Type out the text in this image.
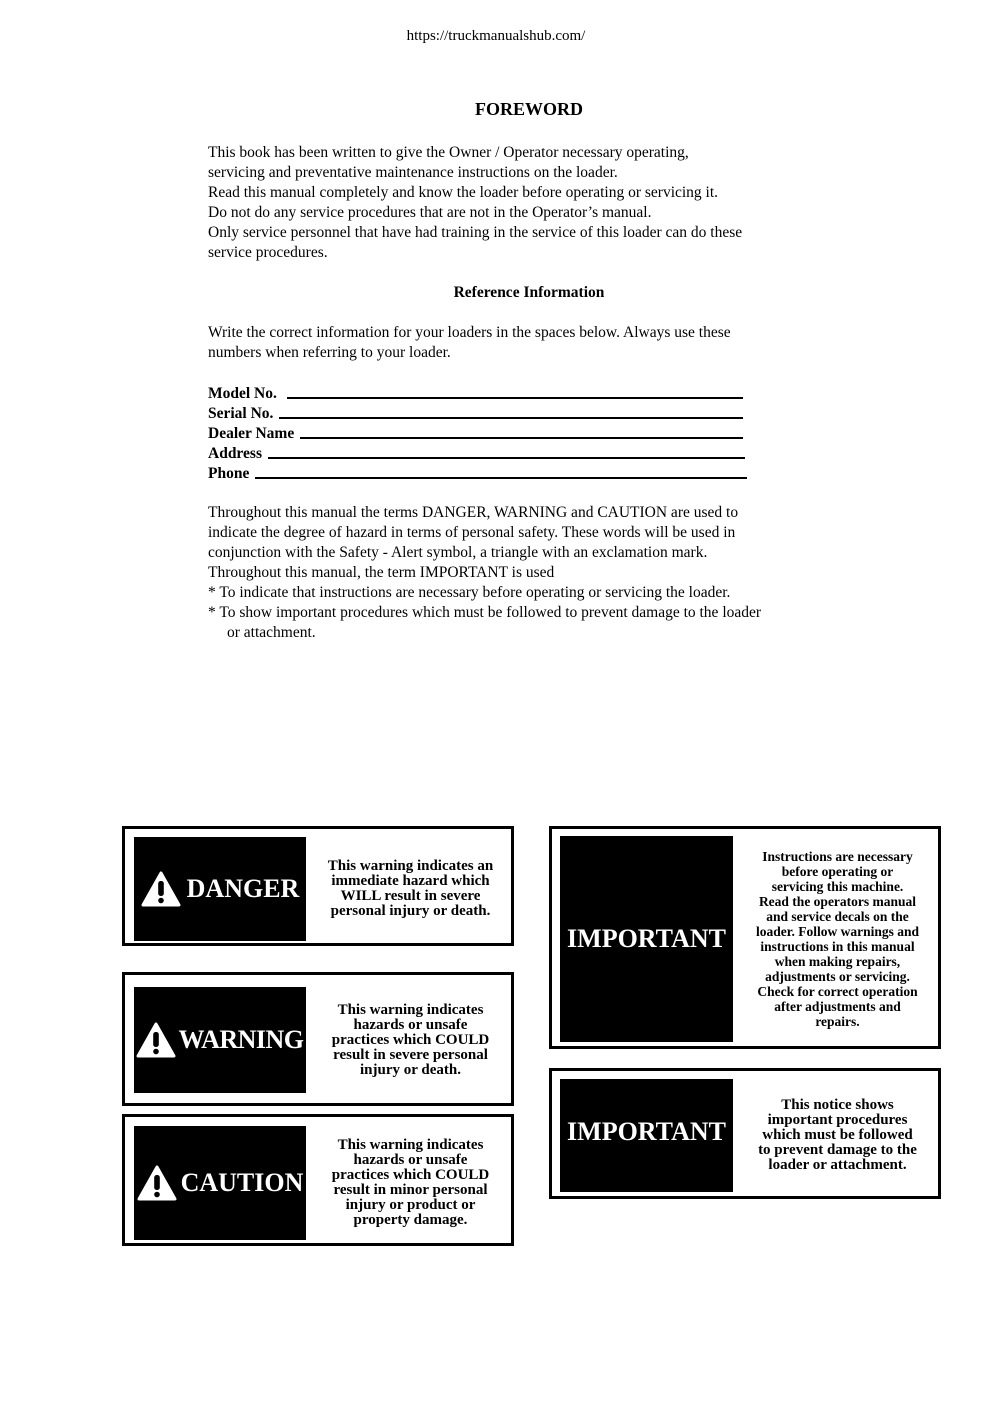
https://truckmanualshub.com/
FOREWORD
This book has been written to give the Owner / Operator necessary operating,
servicing and preventative maintenance instructions on the loader.
Read this manual completely and know the loader before operating or servicing it.
Do not do any service procedures that are not in the Operator’s manual.
Only service personnel that have had training in the service of this loader can do these
service procedures.
Reference Information
Write the correct information for your loaders in the spaces below. Always use these
numbers when referring to your loader.
Model No.
Serial No.
Dealer Name
Address
Phone
Throughout this manual the terms DANGER, WARNING and CAUTION are used to
indicate the degree of hazard in terms of personal safety. These words will be used in
conjunction with the Safety - Alert symbol, a triangle with an exclamation mark.
Throughout this manual, the term IMPORTANT is used
* To indicate that instructions are necessary before operating or servicing the loader.
* To show important procedures which must be followed to prevent damage to the loader or attachment.
DANGER
This warning indicates an
immediate hazard which
WILL result in severe
personal injury or death.
WARNING
This warning indicates
hazards or unsafe
practices which COULD
result in severe personal
injury or death.
CAUTION
This warning indicates
hazards or unsafe
practices which COULD
result in minor personal
injury or product or
property damage.
IMPORTANT
Instructions are necessary
before operating or
servicing this machine.
Read the operators manual
and service decals on the
loader. Follow warnings and
instructions in this manual
when making repairs,
adjustments or servicing.
Check for correct operation
after adjustments and
repairs.
IMPORTANT
This notice shows
important procedures
which must be followed
to prevent damage to the
loader or attachment.
